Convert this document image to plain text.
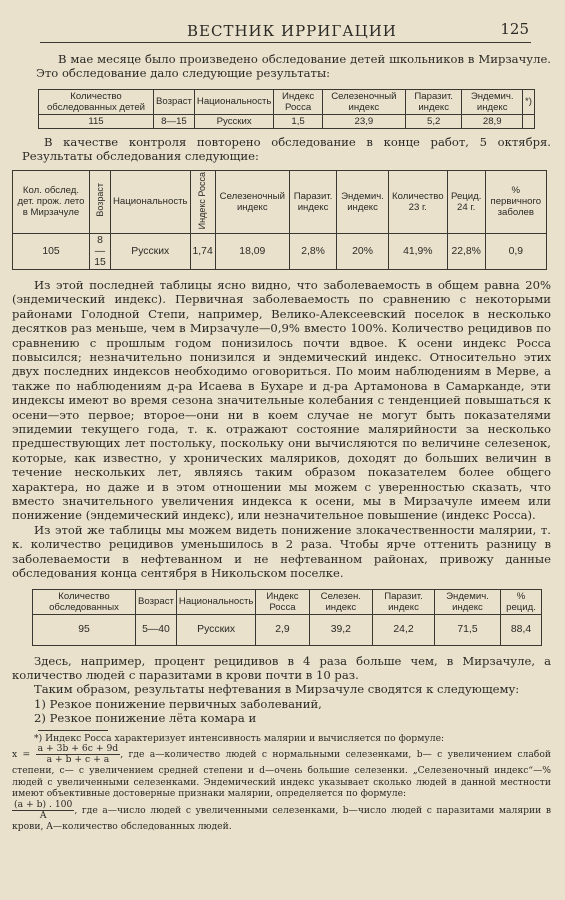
ВЕСТНИК ИРРИГАЦИИ	125

В мае месяце было произведено обследование детей школьников в Мирзачуле. Это обследование дало следующие результаты:

Количество обследованных детей	Возраст	Национальность	Индекс Росса	Селезеночный индекс	Паразит. индекс	Эндемич. индекс	*)
115	8—15	Русских	1,5	23,9	5,2	28,9	

В качестве контроля повторено обследование в конце работ, 5 октября. Результаты обследования следующие:

Кол. обслед. дет. прож. лето в Мирзачуле	Возраст	Национальность	Индекс Росса	Селезеночный индекс	Паразит. индекс	Эндемич. индекс	Количество 23 г.	Рецид. 24 г.	% первичного заболев
105	8—15	Русских	1,74	18,09	2,8%	20%	41,9%	22,8%	0,9

Из этой последней таблицы ясно видно, что заболеваемость в общем равна 20% (эндемический индекс). Первичная заболеваемость по сравнению с некоторыми районами Голодной Степи, например, Велико-Алексеевский поселок в несколько десятков раз меньше, чем в Мирзачуле—0,9% вместо 100%. Количество рецидивов по сравнению с прошлым годом понизилось почти вдвое. К осени индекс Росса повысился; незначительно понизился и эндемический индекс. Относительно этих двух последних индексов необходимо оговориться. По моим наблюдениям в Мерве, а также по наблюдениям д-ра Исаева в Бухаре и д-ра Артамонова в Самарканде, эти индексы имеют во время сезона значительные колебания с тенденцией повышаться к осени—это первое; второе—они ни в коем случае не могут быть показателями эпидемии текущего года, т. к. отражают состояние малярийности за несколько предшествующих лет постольку, поскольку они вычисляются по величине селезенок, которые, как известно, у хронических маляриков, доходят до больших величин в течение нескольких лет, являясь таким образом показателем более общего характера, но даже и в этом отношении мы можем с уверенностью сказать, что вместо значительного увеличения индекса к осени, мы в Мирзачуле имеем или понижение (эндемический индекс), или незначительное повышение (индекс Росса).

Из этой же таблицы мы можем видеть понижение злокачественности малярии, т. к. количество рецидивов уменьшилось в 2 раза. Чтобы ярче оттенить разницу в заболеваемости в нефтеванном и не нефтеванном районах, привожу данные обследования конца сентября в Никольском поселке.

Количество обследованных	Возраст	Национальность	Индекс Росса	Селезен. индекс	Паразит. индекс	Эндемич. индекс	% рецид.
95	5—40	Русских	2,9	39,2	24,2	71,5	88,4

Здесь, например, процент рецидивов в 4 раза больше чем, в Мирзачуле, а количество людей с паразитами в крови почти в 10 раз.

Таким образом, результаты нефтевания в Мирзачуле сводятся к следующему:

1) Резкое понижение первичных заболеваний,

2) Резкое понижение лёта комара и

*) Индекс Росса характеризует интенсивность малярии и вычисляется по формуле:

$x = \frac{a + 3b + 6c + 9d}{a + b + c + a}$ , где a—количество людей с нормальными селезенками, b— с увеличением слабой степени, c— с увеличением средней степени и d—очень большие селезенки. „Селезеночный индекс“—% людей с увеличенными селезенками. Эндемический индекс указывает сколько людей в данной местности имеют объективные достоверные признаки малярии, определяется по формуле:

$\frac{(a + b) . 100}{A}$ , где a—число людей с увеличенными селезенками, b—число людей с паразитами малярии в крови, A—количество обследованных людей.
